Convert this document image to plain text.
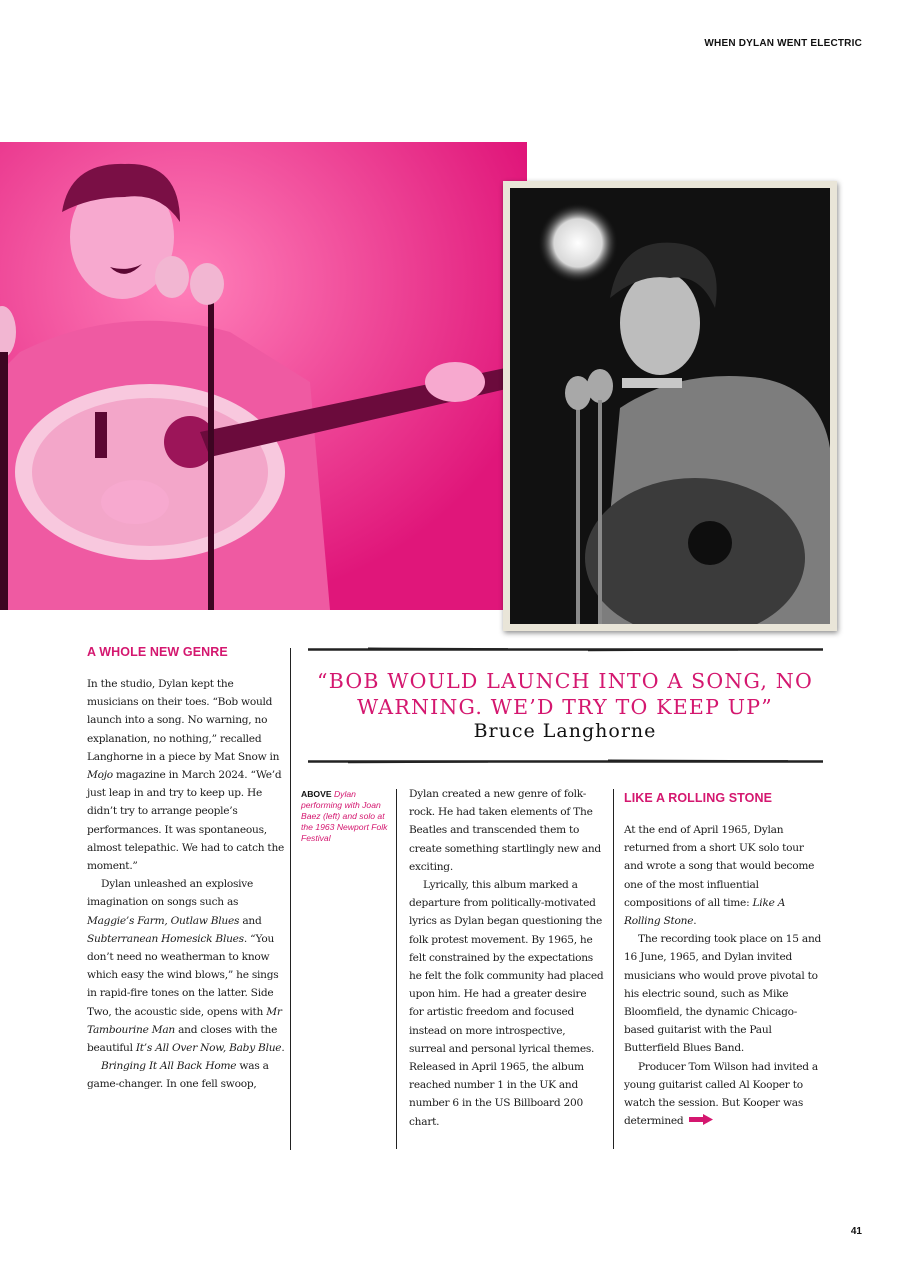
WHEN DYLAN WENT ELECTRIC
A WHOLE NEW GENRE

In the studio, Dylan kept the musicians on their toes. “Bob would launch into a song. No warning, no explanation, no nothing,” recalled Langhorne in a piece by Mat Snow in Mojo magazine in March 2024. “We’d just leap in and try to keep up. He didn’t try to arrange people’s performances. It was spontaneous, almost telepathic. We had to catch the moment.”

Dylan unleashed an explosive imagination on songs such as Maggie’s Farm, Outlaw Blues and Subterranean Homesick Blues. “You don’t need no weatherman to know which easy the wind blows,” he sings in rapid-fire tones on the latter. Side Two, the acoustic side, opens with Mr Tambourine Man and closes with the beautiful It’s All Over Now, Baby Blue.

Bringing It All Back Home was a game-changer. In one fell swoop,

“BOB WOULD LAUNCH INTO A SONG, NO WARNING. WE’D TRY TO KEEP UP”
Bruce Langhorne
ABOVE Dylan performing with Joan Baez (left) and solo at the 1963 Newport Folk Festival

Dylan created a new genre of folk-rock. He had taken elements of The Beatles and transcended them to create something startlingly new and exciting.

Lyrically, this album marked a departure from politically-motivated lyrics as Dylan began questioning the folk protest movement. By 1965, he felt constrained by the expectations he felt the folk community had placed upon him. He had a greater desire for artistic freedom and focused instead on more introspective, surreal and personal lyrical themes. Released in April 1965, the album reached number 1 in the UK and number 6 in the US Billboard 200 chart.

LIKE A ROLLING STONE

At the end of April 1965, Dylan returned from a short UK solo tour and wrote a song that would become one of the most influential compositions of all time: Like A Rolling Stone.

The recording took place on 15 and 16 June, 1965, and Dylan invited musicians who would prove pivotal to his electric sound, such as Mike Bloomfield, the dynamic Chicago-based guitarist with the Paul Butterfield Blues Band.

Producer Tom Wilson had invited a young guitarist called Al Kooper to watch the session. But Kooper was determined

41
